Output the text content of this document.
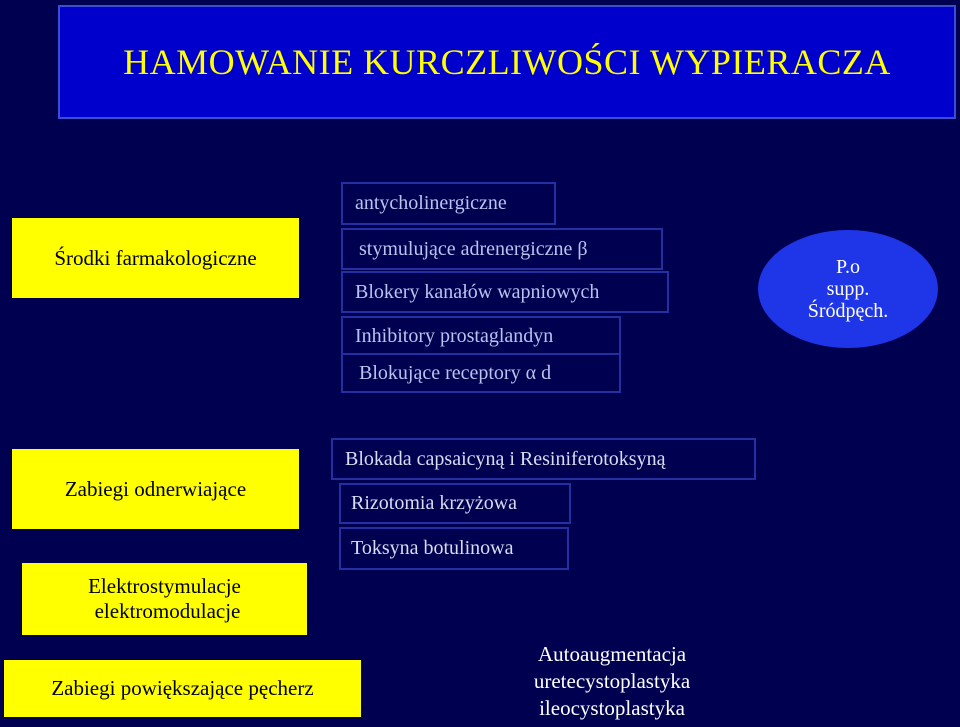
HAMOWANIE KURCZLIWOŚCI WYPIERACZA
Środki farmakologiczne
Zabiegi odnerwiające
Elektrostymulacje
elektromodulacje
Zabiegi powiększające pęcherz
antycholinergiczne
stymulujące adrenergiczne β
Blokery kanałów wapniowych
Inhibitory prostaglandyn
Blokujące receptory α d
P.o
supp.
Śródpęch.
Blokada capsaicyną i Resiniferotoksyną
Rizotomia krzyżowa
Toksyna botulinowa
Autoaugmentacja
uretecystoplastyka
ileocystoplastyka
